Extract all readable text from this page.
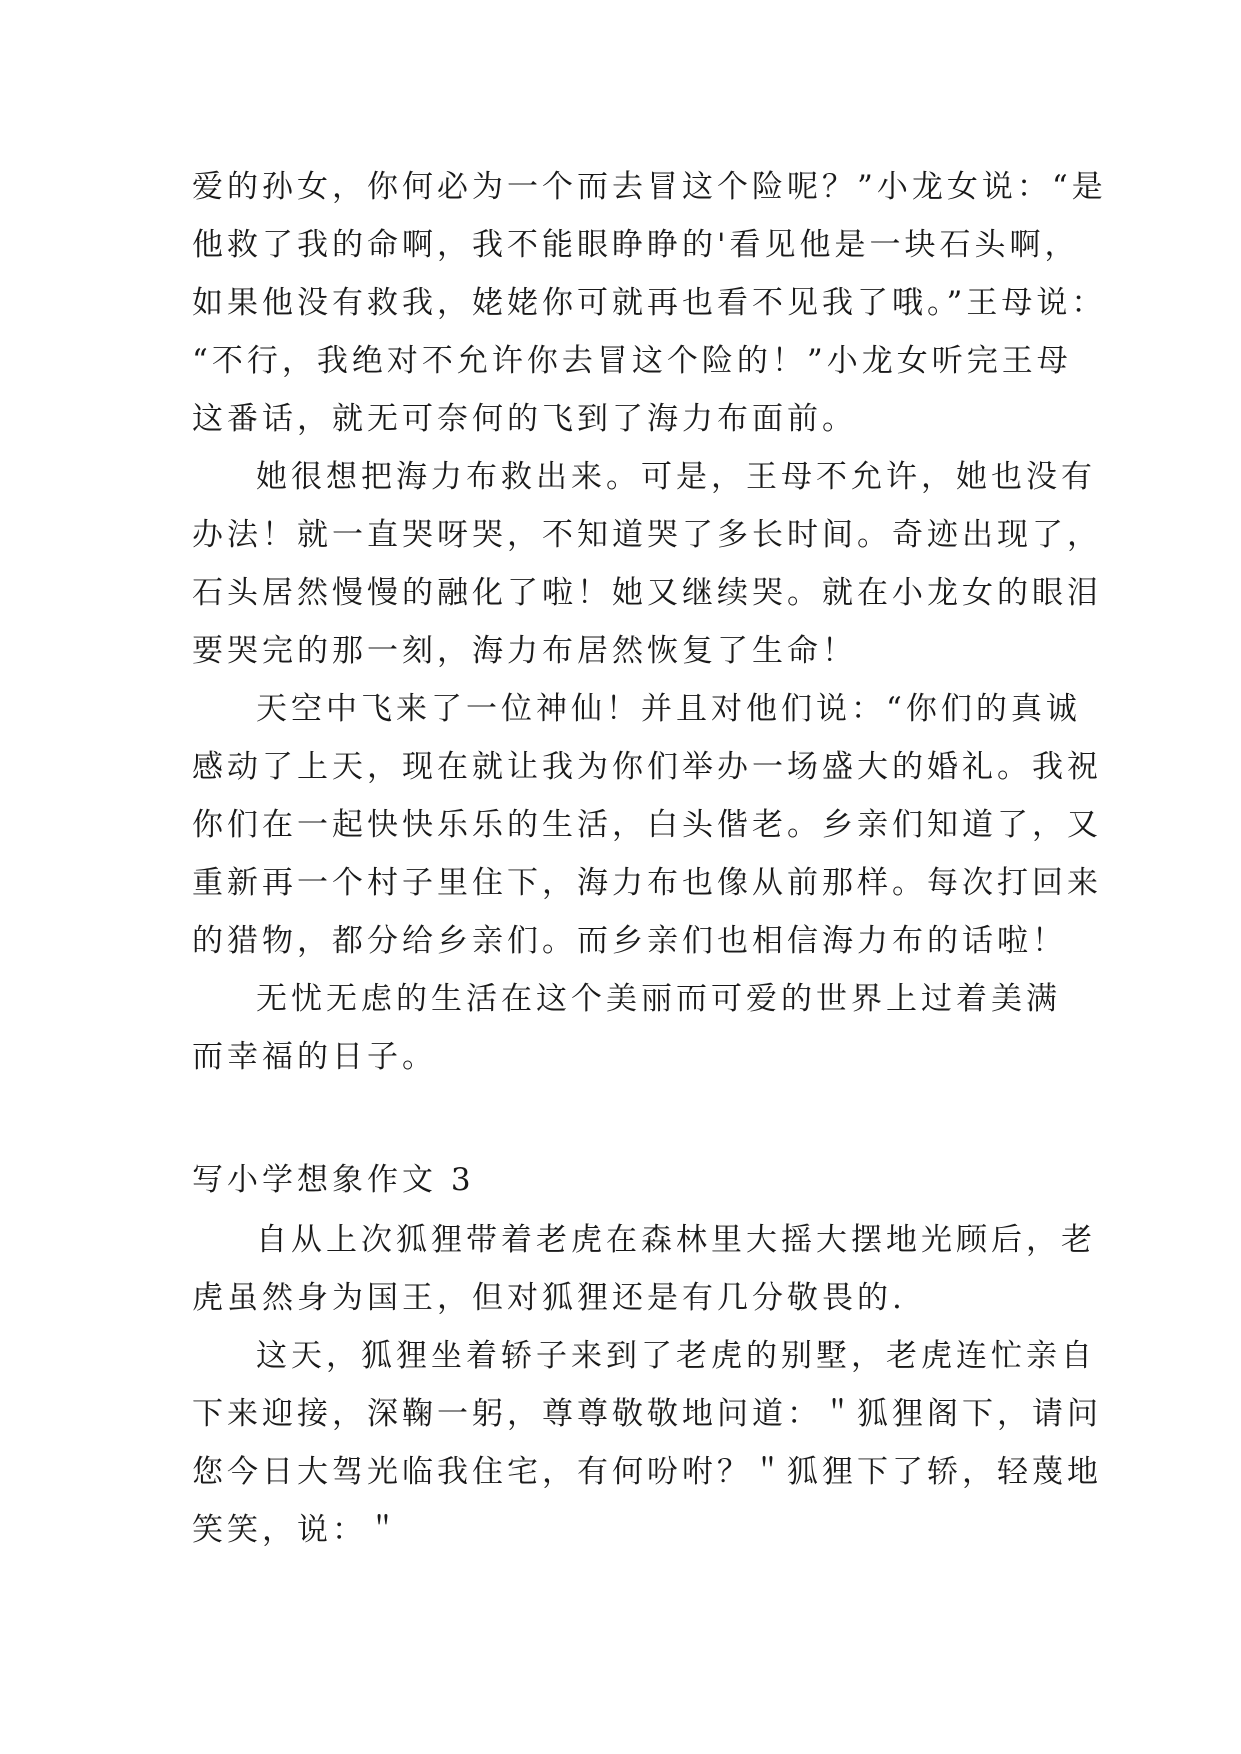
爱的孙女，你何必为一个而去冒这个险呢？”小龙女说：“是
他救了我的命啊，我不能眼睁睁的'看见他是一块石头啊，
如果他没有救我，姥姥你可就再也看不见我了哦。”王母说：
“不行，我绝对不允许你去冒这个险的！”小龙女听完王母
这番话，就无可奈何的飞到了海力布面前。
她很想把海力布救出来。可是，王母不允许，她也没有
办法！就一直哭呀哭，不知道哭了多长时间。奇迹出现了，
石头居然慢慢的融化了啦！她又继续哭。就在小龙女的眼泪
要哭完的那一刻，海力布居然恢复了生命！
天空中飞来了一位神仙！并且对他们说：“你们的真诚
感动了上天，现在就让我为你们举办一场盛大的婚礼。我祝
你们在一起快快乐乐的生活，白头偕老。乡亲们知道了，又
重新再一个村子里住下，海力布也像从前那样。每次打回来
的猎物，都分给乡亲们。而乡亲们也相信海力布的话啦！
无忧无虑的生活在这个美丽而可爱的世界上过着美满
而幸福的日子。
写小学想象作文 3
自从上次狐狸带着老虎在森林里大摇大摆地光顾后，老
虎虽然身为国王，但对狐狸还是有几分敬畏的.
这天，狐狸坐着轿子来到了老虎的别墅，老虎连忙亲自
下来迎接，深鞠一躬，尊尊敬敬地问道：＂狐狸阁下，请问
您今日大驾光临我住宅，有何吩咐？＂狐狸下了轿，轻蔑地
笑笑，说：＂
